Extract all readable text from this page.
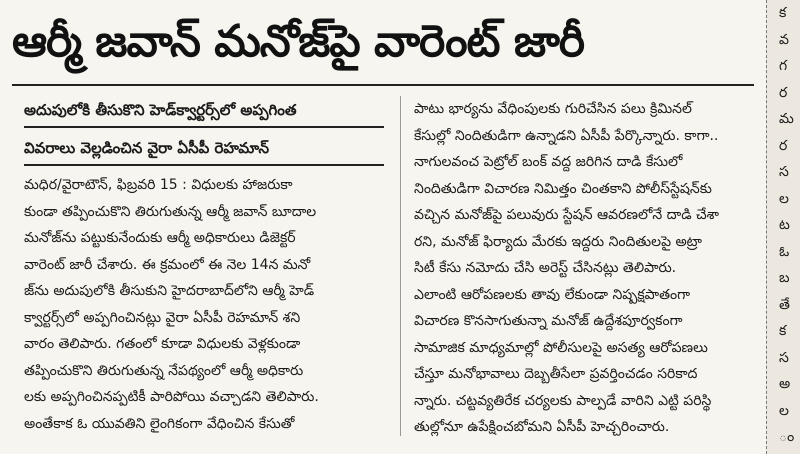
ఆర్మీ జవాన్ మనోజ్‌పై వారెంట్ జారీ
అదుపులోకి తీసుకొని హెడ్‌క్వార్టర్స్‌లో అప్పగింత
వివరాలు వెల్లడించిన వైరా ఏసీపీ రెహమాన్
మధిర/వైరాటౌన్, ఫిబ్రవరి 15 : విధులకు హాజరుకా
కుండా తప్పించుకొని తిరుగుతున్న ఆర్మీ జవాన్ బూదాల
మనోజ్‌ను పట్టుకునేందుకు ఆర్మీ అధికారులు డిజెక్టర్
వారెంట్ జారీ చేశారు. ఈ క్రమంలో ఈ నెల 14న మనో
జ్‌ను అదుపులోకి తీసుకుని హైదరాబాద్‌లోని ఆర్మీ హెడ్
క్వార్టర్స్‌లో అప్పగించినట్లు వైరా ఏసీపీ రెహమాన్ శని
వారం తెలిపారు. గతంలో కూడా విధులకు వెళ్లకుండా
తప్పించుకొని తిరుగుతున్న నేపథ్యంలో ఆర్మీ అధికారు
లకు అప్పగించినప్పటికీ పారిపోయి వచ్చాడని తెలిపారు.
అంతేకాక ఓ యువతిని లైంగికంగా వేధించిన కేసుతో
పాటు భార్యను వేధింపులకు గురిచేసిన పలు క్రిమినల్
కేసుల్లో నిందితుడిగా ఉన్నాడని ఏసీపీ పేర్కొన్నారు. కాగా..
నాగులవంచ పెట్రోల్ బంక్ వద్ద జరిగిన దాడి కేసులో
నిందితుడిగా విచారణ నిమిత్తం చింతకాని పోలీస్‌స్టేషన్‌కు
వచ్చిన మనోజ్‌పై పలువురు స్టేషన్ ఆవరణలోనే దాడి చేశా
రని, మనోజ్ ఫిర్యాదు మేరకు ఇద్దరు నిందితులపై అట్రా
సిటీ కేసు నమోదు చేసి అరెస్ట్ చేసినట్లు తెలిపారు.
ఎలాంటి ఆరోపణలకు తావు లేకుండా నిష్పక్షపాతంగా
విచారణ కొనసాగుతున్నా మనోజ్ ఉద్దేశపూర్వకంగా
సామాజిక మాధ్యమాల్లో పోలీసులపై అసత్య ఆరోపణలు
చేస్తూ మనోభావాలు దెబ్బతీసేలా ప్రవర్తించడం సరికాద
న్నారు. చట్టవ్యతిరేక చర్యలకు పాల్పడే వారిని ఎట్టి పరిస్థి
తుల్లోనూ ఉపేక్షించబోమని ఏసీపీ హెచ్చరించారు.
క
వ
గ
ర
మ
ర
స
ల
ట
ఓ
బ
తే
క
స
అ
ల
ం
